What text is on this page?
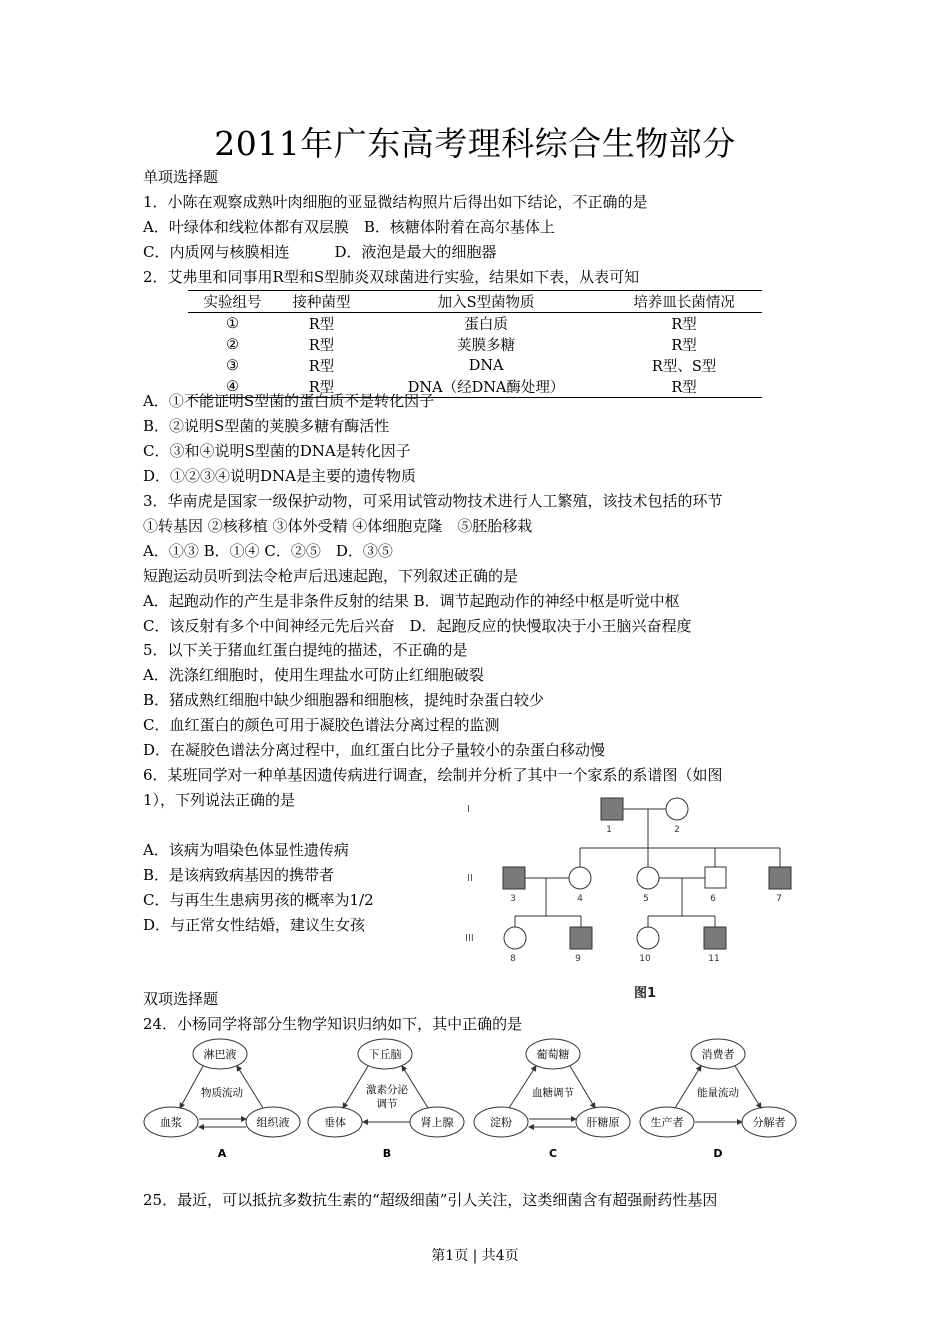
2011年广东高考理科综合生物部分
单项选择题
1．小陈在观察成熟叶肉细胞的亚显微结构照片后得出如下结论，不正确的是
A．叶绿体和线粒体都有双层膜　B．核糖体附着在高尔基体上
C．内质网与核膜相连　　　D．液泡是最大的细胞器
2．艾弗里和同事用R型和S型肺炎双球菌进行实验，结果如下表，从表可知
实验组号	接种菌型	加入S型菌物质	培养皿长菌情况
①	R型	蛋白质	R型
②	R型	荚膜多糖	R型
③	R型	DNA	R型、S型
④	R型	DNA（经DNA酶处理）	R型
A．①不能证明S型菌的蛋白质不是转化因子
B．②说明S型菌的荚膜多糖有酶活性
C．③和④说明S型菌的DNA是转化因子
D．①②③④说明DNA是主要的遗传物质
3．华南虎是国家一级保护动物，可采用试管动物技术进行人工繁殖，该技术包括的环节
①转基因 ②核移植 ③体外受精 ④体细胞克隆　⑤胚胎移栽
A．①③ B．①④ C．②⑤　D．③⑤
短跑运动员听到法令枪声后迅速起跑，下列叙述正确的是
A．起跑动作的产生是非条件反射的结果 B．调节起跑动作的神经中枢是听觉中枢
C．该反射有多个中间神经元先后兴奋　D．起跑反应的快慢取决于小王脑兴奋程度
5．以下关于猪血红蛋白提纯的描述，不正确的是
A．洗涤红细胞时，使用生理盐水可防止红细胞破裂
B．猪成熟红细胞中缺少细胞器和细胞核，提纯时杂蛋白较少
C．血红蛋白的颜色可用于凝胶色谱法分离过程的监测
D．在凝胶色谱法分离过程中，血红蛋白比分子量较小的杂蛋白移动慢
6．某班同学对一种单基因遗传病进行调查，绘制并分析了其中一个家系的系谱图（如图
1），下列说法正确的是
A．该病为唱染色体显性遗传病
B．是该病致病基因的携带者
C．与再生生患病男孩的概率为1/2
D．与正常女性结婚，建议生女孩
I
II
III
1	2
3	4	5	6	7
8	9	10	11
图1
双项选择题
24．小杨同学将部分生物学知识归纳如下，其中正确的是
淋巴液
血浆	组织液
物质流动
A
下丘脑
垂体	肾上腺
激素分泌
调节
B
葡萄糖
淀粉	肝糖原
血糖调节
C
消费者
生产者	分解者
能量流动
D
25．最近，可以抵抗多数抗生素的“超级细菌”引人关注，这类细菌含有超强耐药性基因
第1页 | 共4页
